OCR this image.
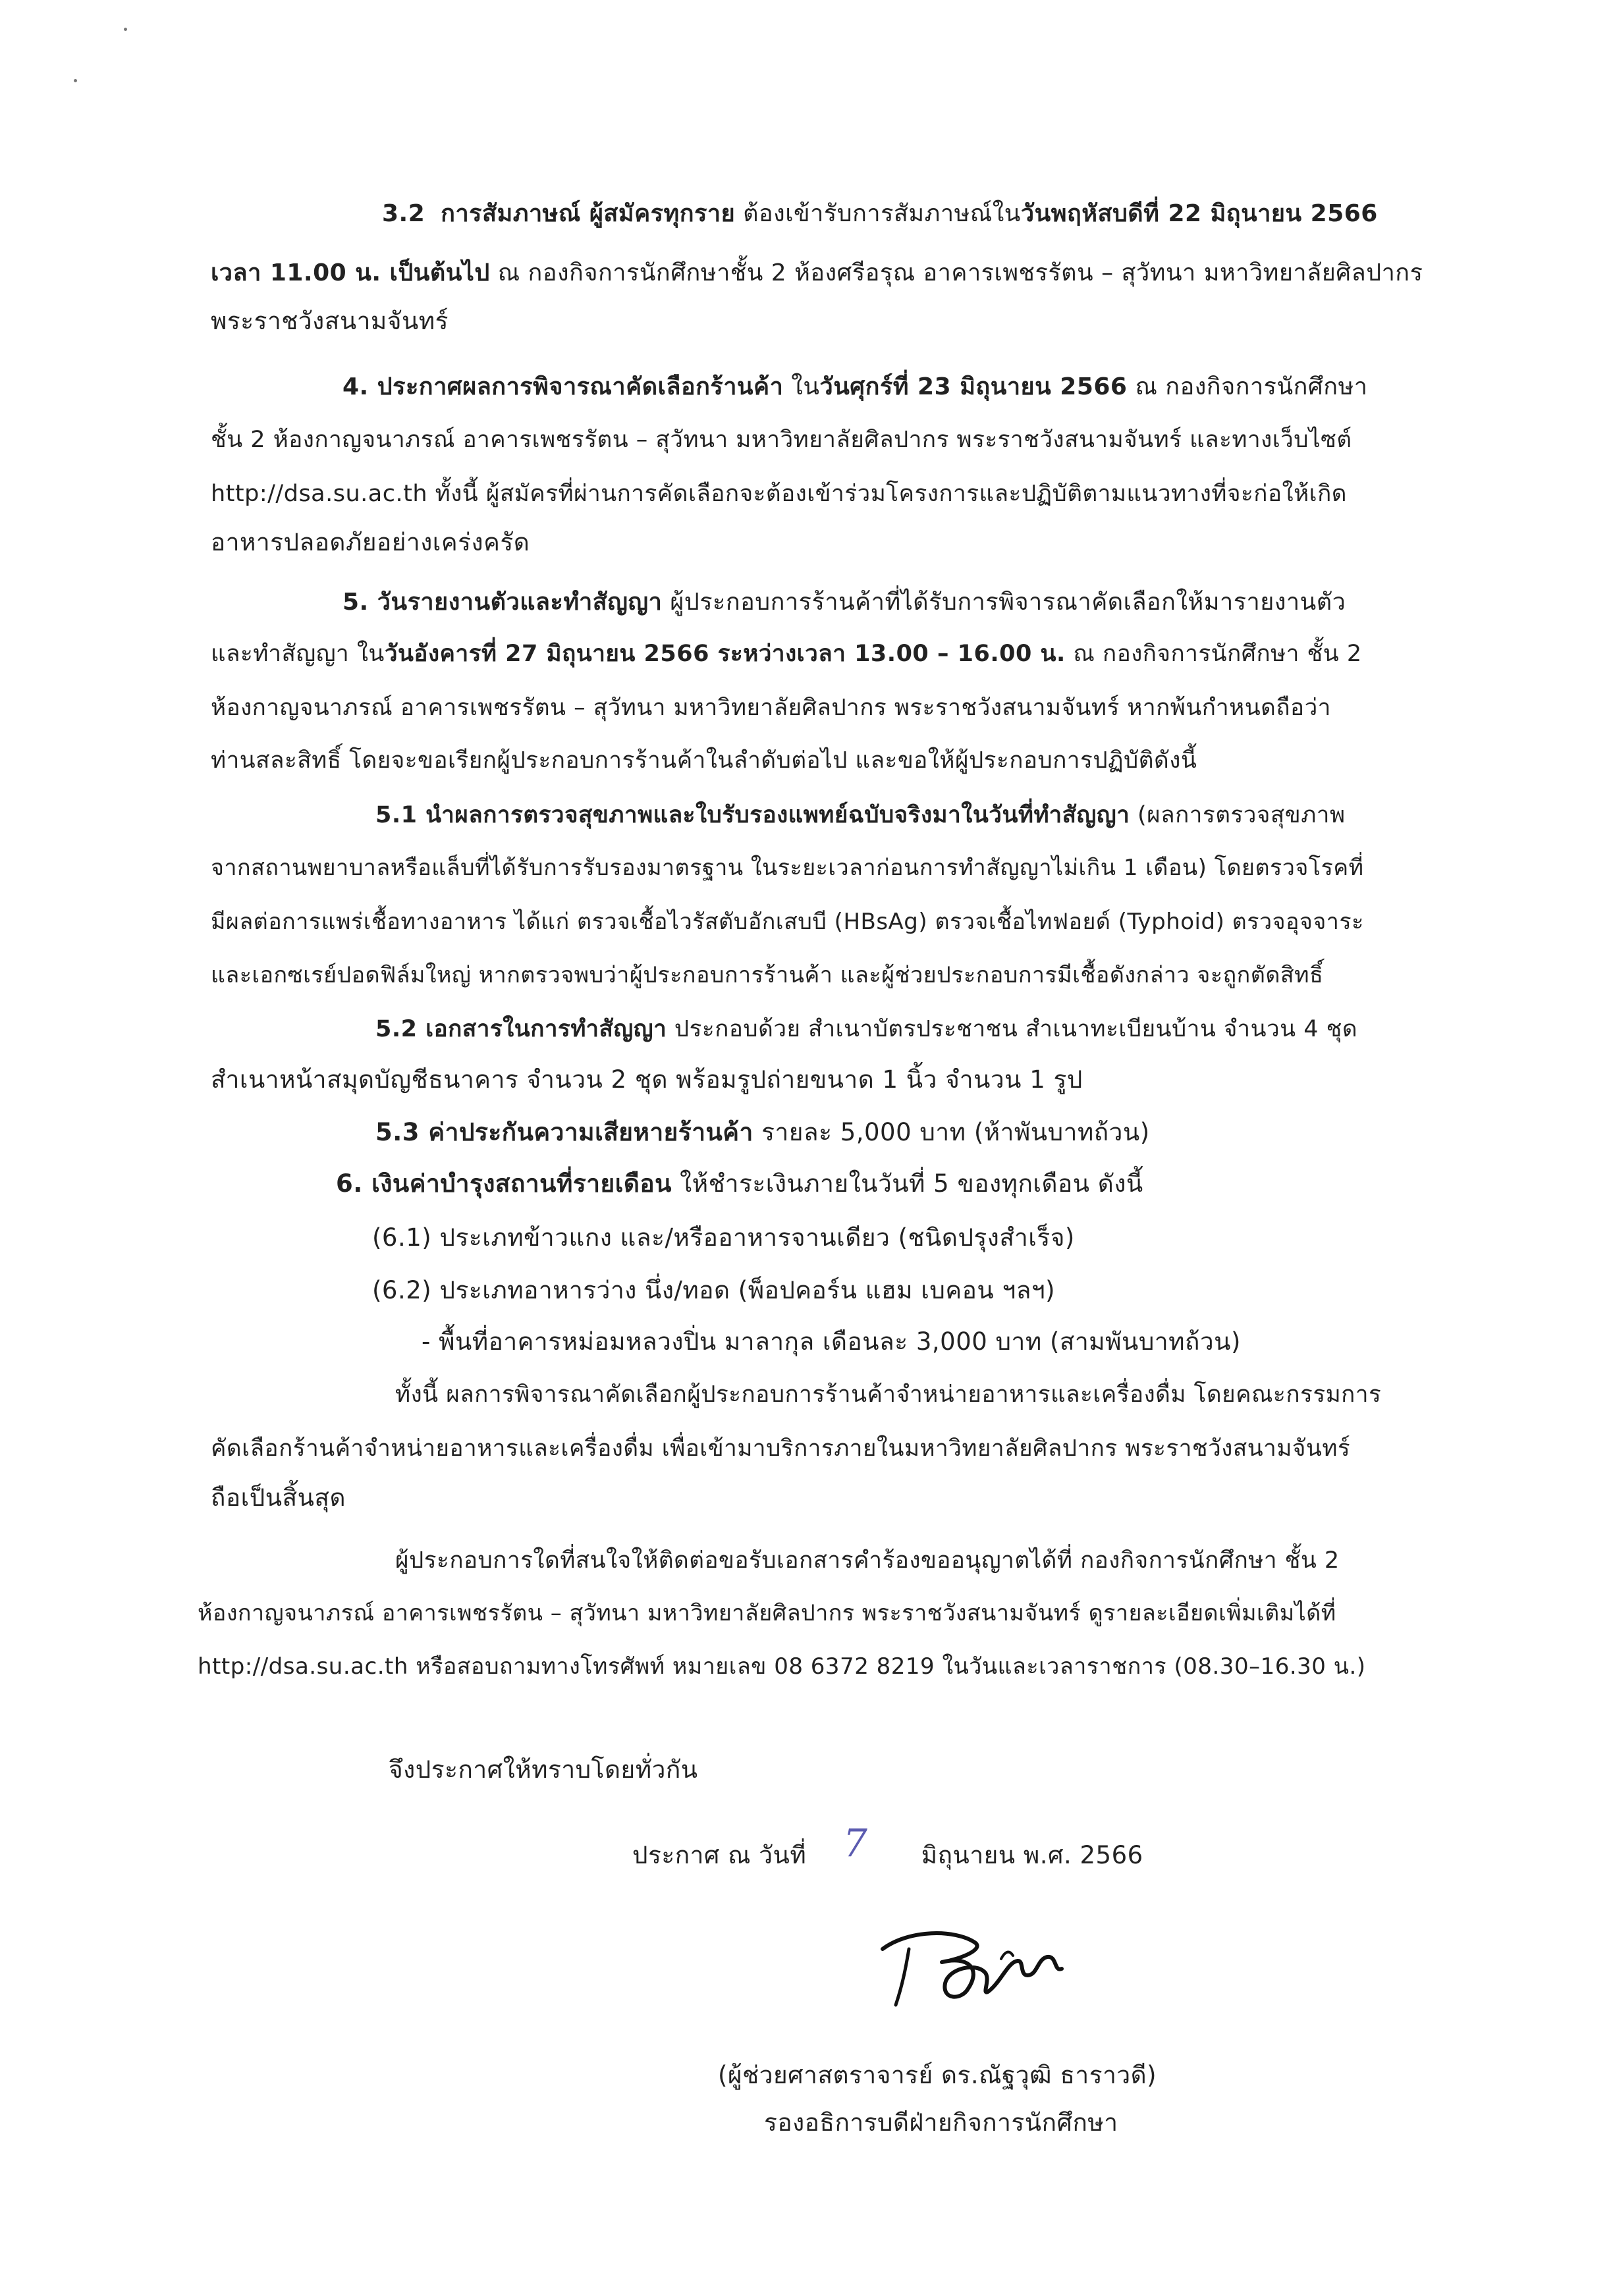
3.2 การสัมภาษณ์ ผู้สมัครทุกราย ต้องเข้ารับการสัมภาษณ์ในวันพฤหัสบดีที่ 22 มิถุนายน 2566
เวลา 11.00 น. เป็นต้นไป ณ กองกิจการนักศึกษาชั้น 2 ห้องศรีอรุณ อาคารเพชรรัตน – สุวัทนา มหาวิทยาลัยศิลปากร
พระราชวังสนามจันทร์
4. ประกาศผลการพิจารณาคัดเลือกร้านค้า ในวันศุกร์ที่ 23 มิถุนายน 2566 ณ กองกิจการนักศึกษา
ชั้น 2 ห้องกาญจนาภรณ์ อาคารเพชรรัตน – สุวัทนา มหาวิทยาลัยศิลปากร พระราชวังสนามจันทร์ และทางเว็บไซต์
http://dsa.su.ac.th ทั้งนี้ ผู้สมัครที่ผ่านการคัดเลือกจะต้องเข้าร่วมโครงการและปฏิบัติตามแนวทางที่จะก่อให้เกิด
อาหารปลอดภัยอย่างเคร่งครัด
5. วันรายงานตัวและทำสัญญา ผู้ประกอบการร้านค้าที่ได้รับการพิจารณาคัดเลือกให้มารายงานตัว
และทำสัญญา ในวันอังคารที่ 27 มิถุนายน 2566 ระหว่างเวลา 13.00 – 16.00 น. ณ กองกิจการนักศึกษา ชั้น 2
ห้องกาญจนาภรณ์ อาคารเพชรรัตน – สุวัทนา มหาวิทยาลัยศิลปากร พระราชวังสนามจันทร์ หากพ้นกำหนดถือว่า
ท่านสละสิทธิ์ โดยจะขอเรียกผู้ประกอบการร้านค้าในลำดับต่อไป และขอให้ผู้ประกอบการปฏิบัติดังนี้
5.1 นำผลการตรวจสุขภาพและใบรับรองแพทย์ฉบับจริงมาในวันที่ทำสัญญา (ผลการตรวจสุขภาพ
จากสถานพยาบาลหรือแล็บที่ได้รับการรับรองมาตรฐาน ในระยะเวลาก่อนการทำสัญญาไม่เกิน 1 เดือน) โดยตรวจโรคที่
มีผลต่อการแพร่เชื้อทางอาหาร ได้แก่ ตรวจเชื้อไวรัสตับอักเสบบี (HBsAg) ตรวจเชื้อไทฟอยด์ (Typhoid) ตรวจอุจจาระ
และเอกซเรย์ปอดฟิล์มใหญ่ หากตรวจพบว่าผู้ประกอบการร้านค้า และผู้ช่วยประกอบการมีเชื้อดังกล่าว จะถูกตัดสิทธิ์
5.2 เอกสารในการทำสัญญา ประกอบด้วย สำเนาบัตรประชาชน สำเนาทะเบียนบ้าน จำนวน 4 ชุด
สำเนาหน้าสมุดบัญชีธนาคาร จำนวน 2 ชุด พร้อมรูปถ่ายขนาด 1 นิ้ว จำนวน 1 รูป
5.3 ค่าประกันความเสียหายร้านค้า รายละ 5,000 บาท (ห้าพันบาทถ้วน)
6. เงินค่าบำรุงสถานที่รายเดือน ให้ชำระเงินภายในวันที่ 5 ของทุกเดือน ดังนี้
(6.1) ประเภทข้าวแกง และ/หรืออาหารจานเดียว (ชนิดปรุงสำเร็จ)
(6.2) ประเภทอาหารว่าง นึ่ง/ทอด (พ็อปคอร์น แฮม เบคอน ฯลฯ)
- พื้นที่อาคารหม่อมหลวงปิ่น มาลากุล เดือนละ 3,000 บาท (สามพันบาทถ้วน)
ทั้งนี้ ผลการพิจารณาคัดเลือกผู้ประกอบการร้านค้าจำหน่ายอาหารและเครื่องดื่ม โดยคณะกรรมการ
คัดเลือกร้านค้าจำหน่ายอาหารและเครื่องดื่ม เพื่อเข้ามาบริการภายในมหาวิทยาลัยศิลปากร พระราชวังสนามจันทร์
ถือเป็นสิ้นสุด
ผู้ประกอบการใดที่สนใจให้ติดต่อขอรับเอกสารคำร้องขออนุญาตได้ที่ กองกิจการนักศึกษา ชั้น 2
ห้องกาญจนาภรณ์ อาคารเพชรรัตน – สุวัทนา มหาวิทยาลัยศิลปากร พระราชวังสนามจันทร์ ดูรายละเอียดเพิ่มเติมได้ที่
http://dsa.su.ac.th หรือสอบถามทางโทรศัพท์ หมายเลข 08 6372 8219 ในวันและเวลาราชการ (08.30–16.30 น.)
จึงประกาศให้ทราบโดยทั่วกัน
ประกาศ ณ วันที่	มิถุนายน พ.ศ. 2566
7
(ผู้ช่วยศาสตราจารย์ ดร.ณัฐวุฒิ ธาราวดี)
รองอธิการบดีฝ่ายกิจการนักศึกษา
